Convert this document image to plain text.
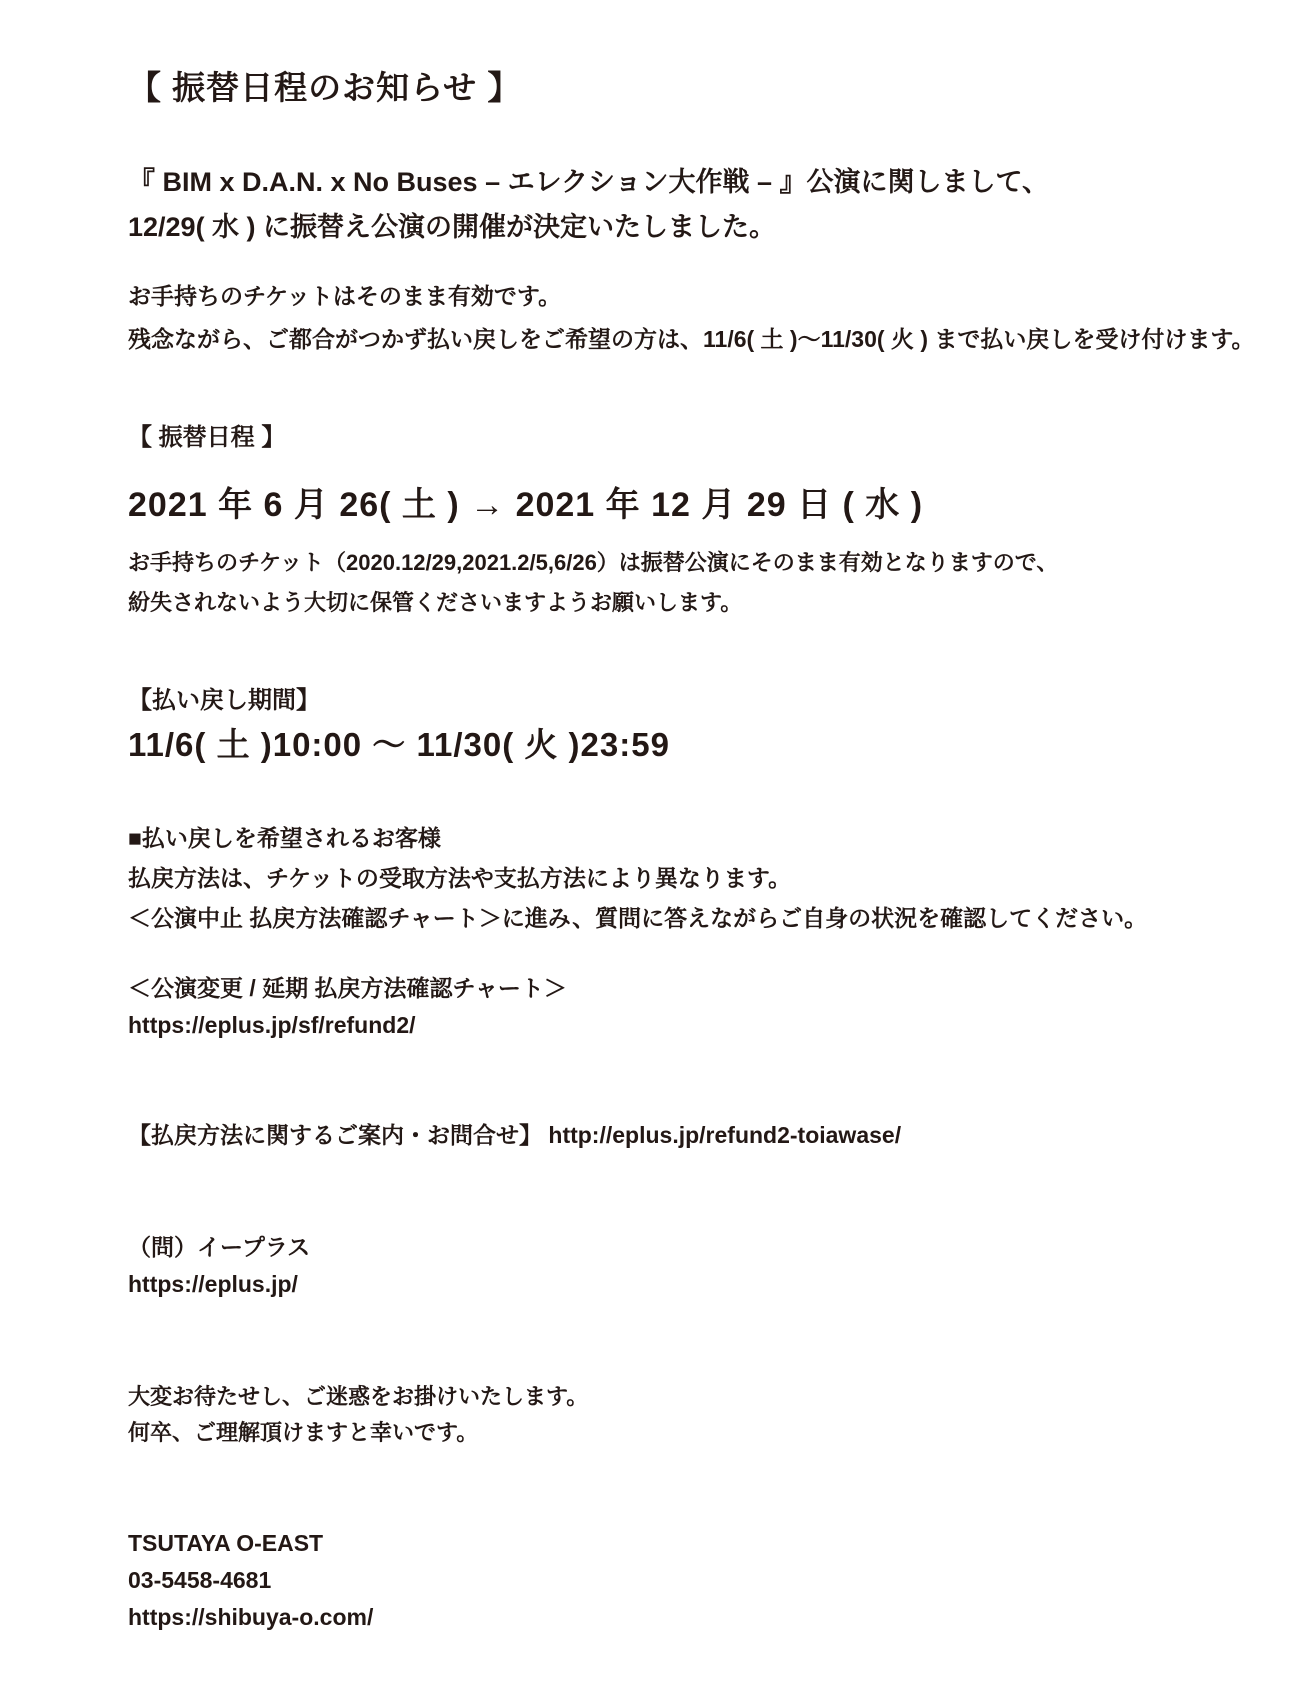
【 振替日程のお知らせ 】
『 BIM x D.A.N. x No Buses – エレクション大作戦 – 』公演に関しまして、
12/29( 水 ) に振替え公演の開催が決定いたしました。
お手持ちのチケットはそのまま有効です。
残念ながら、ご都合がつかず払い戻しをご希望の方は、11/6( 土 )〜11/30( 火 ) まで払い戻しを受け付けます。
【 振替日程 】
2021 年 6 月 26( 土 ) → 2021 年 12 月 29 日 ( 水 )
お手持ちのチケット（2020.12/29,2021.2/5,6/26）は振替公演にそのまま有効となりますので、
紛失されないよう大切に保管くださいますようお願いします。
【払い戻し期間】
11/6( 土 )10:00 〜 11/30( 火 )23:59
■払い戻しを希望されるお客様
払戻方法は、チケットの受取方法や支払方法により異なります。
＜公演中止 払戻方法確認チャート＞に進み、質問に答えながらご自身の状況を確認してください。
＜公演変更 / 延期 払戻方法確認チャート＞
https://eplus.jp/sf/refund2/
【払戻方法に関するご案内・お問合せ】 http://eplus.jp/refund2-toiawase/
（問）イープラス
https://eplus.jp/
大変お待たせし、ご迷惑をお掛けいたします。
何卒、ご理解頂けますと幸いです。
TSUTAYA O-EAST
03-5458-4681
https://shibuya-o.com/
